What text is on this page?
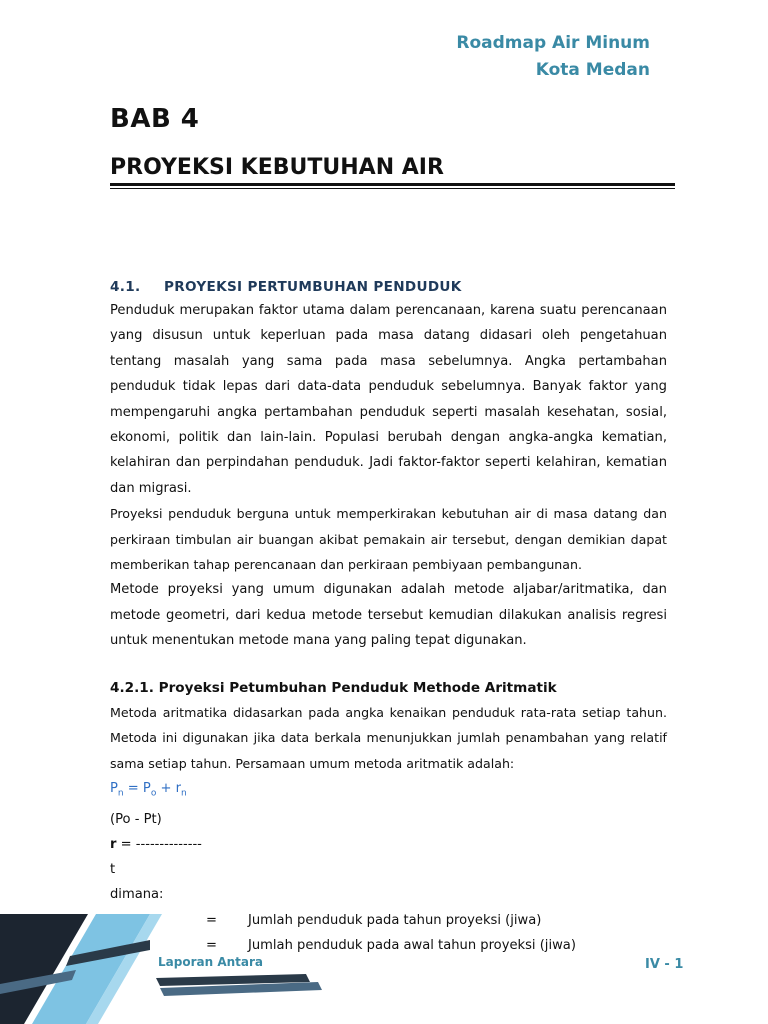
Roadmap Air Minum
Kota Medan
BAB 4
PROYEKSI KEBUTUHAN AIR
4.1. PROYEKSI PERTUMBUHAN PENDUDUK

Penduduk merupakan faktor utama dalam perencanaan, karena suatu perencanaan yang disusun untuk keperluan pada masa datang didasari oleh pengetahuan tentang masalah yang sama pada masa sebelumnya. Angka pertambahan penduduk tidak lepas dari data-data penduduk sebelumnya. Banyak faktor yang mempengaruhi angka pertambahan penduduk seperti masalah kesehatan, sosial, ekonomi, politik dan lain-lain. Populasi berubah dengan angka-angka kematian, kelahiran dan perpindahan penduduk. Jadi faktor-faktor seperti kelahiran, kematian dan migrasi.

Proyeksi penduduk berguna untuk memperkirakan kebutuhan air di masa datang dan perkiraan timbulan air buangan akibat pemakain air tersebut, dengan demikian dapat memberikan tahap perencanaan dan perkiraan pembiyaan pembangunan.

Metode proyeksi yang umum digunakan adalah metode aljabar/aritmatika, dan metode geometri, dari kedua metode tersebut kemudian dilakukan analisis regresi untuk menentukan metode mana yang paling tepat digunakan.

4.2.1. Proyeksi Petumbuhan Penduduk Methode Aritmatik

Metoda aritmatika didasarkan pada angka kenaikan penduduk rata-rata setiap tahun. Metoda ini digunakan jika data berkala menunjukkan jumlah penambahan yang relatif sama setiap tahun. Persamaan umum metoda aritmatik adalah:

$P_n = P_o + r_n$
(Po - Pt)
r = --------------
t
dimana:
=	Jumlah penduduk pada tahun proyeksi (jiwa)
=	Jumlah penduduk pada awal tahun proyeksi (jiwa)
Laporan Antara	IV - 1
